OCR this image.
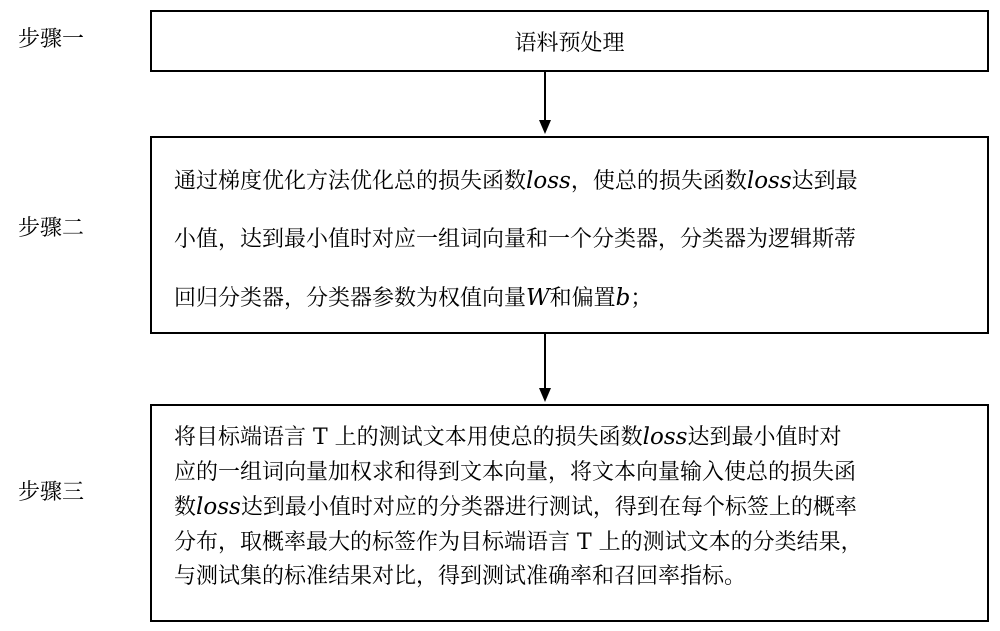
步骤一
步骤二
步骤三
语料预处理
通过梯度优化方法优化总的损失函数loss，使总的损失函数loss达到最
小值，达到最小值时对应一组词向量和一个分类器，分类器为逻辑斯蒂
回归分类器，分类器参数为权值向量W和偏置b；
将目标端语言 T 上的测试文本用使总的损失函数loss达到最小值时对
应的一组词向量加权求和得到文本向量，将文本向量输入使总的损失函
数loss达到最小值时对应的分类器进行测试，得到在每个标签上的概率
分布，取概率最大的标签作为目标端语言 T 上的测试文本的分类结果，
与测试集的标准结果对比，得到测试准确率和召回率指标。
